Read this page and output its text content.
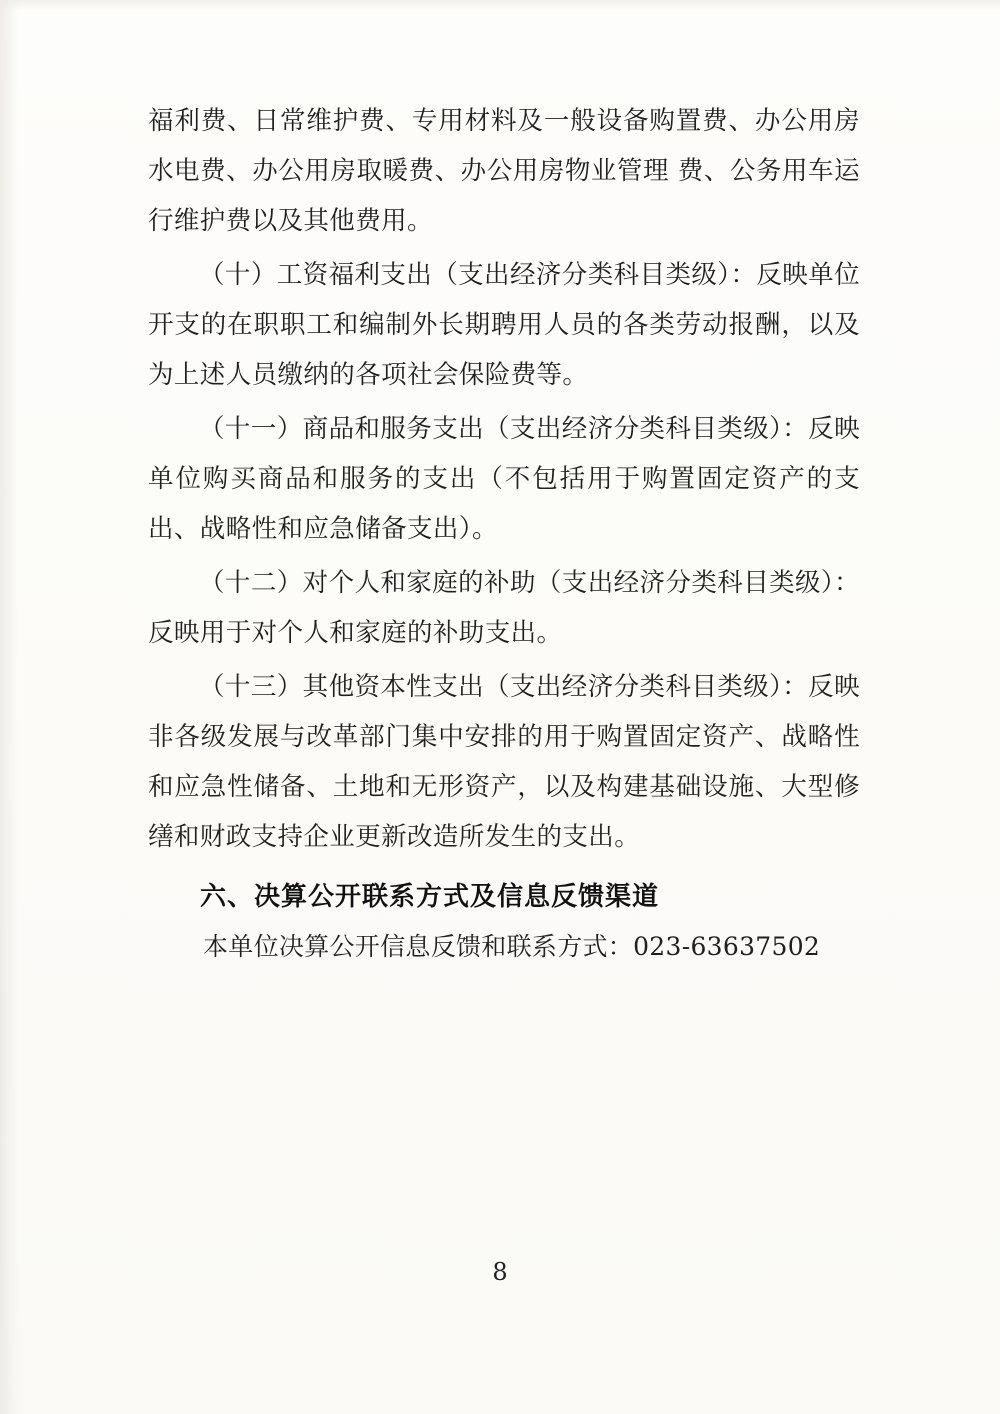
福利费、日常维护费、专用材料及一般设备购置费、办公用房水电费、办公用房取暖费、办公用房物业管理 费、公务用车运行维护费以及其他费用。

（十）工资福利支出（支出经济分类科目类级）：反映单位开支的在职职工和编制外长期聘用人员的各类劳动报酬，以及为上述人员缴纳的各项社会保险费等。

（十一）商品和服务支出（支出经济分类科目类级）：反映单位购买商品和服务的支出（不包括用于购置固定资产的支出、战略性和应急储备支出）。

（十二）对个人和家庭的补助（支出经济分类科目类级）：反映用于对个人和家庭的补助支出。

（十三）其他资本性支出（支出经济分类科目类级）：反映非各级发展与改革部门集中安排的用于购置固定资产、战略性和应急性储备、土地和无形资产，以及构建基础设施、大型修缮和财政支持企业更新改造所发生的支出。

六、决算公开联系方式及信息反馈渠道

本单位决算公开信息反馈和联系方式：023-63637502

8
